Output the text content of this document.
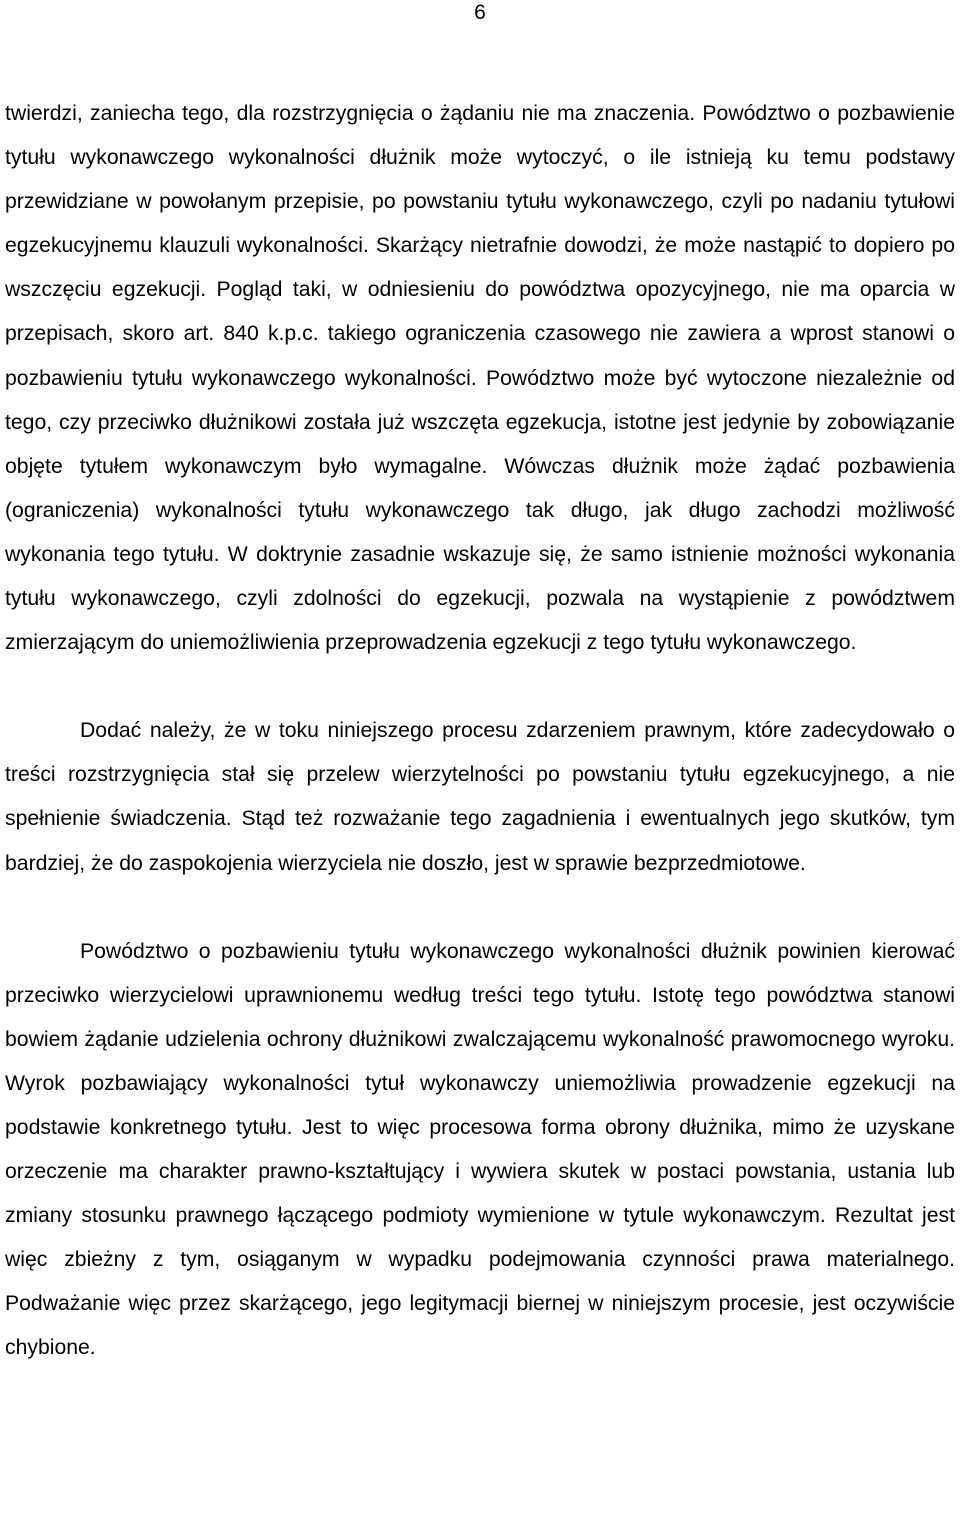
6

twierdzi, zaniecha tego, dla rozstrzygnięcia o żądaniu nie ma znaczenia. Powództwo o pozbawienie tytułu wykonawczego wykonalności dłużnik może wytoczyć, o ile istnieją ku temu podstawy przewidziane w powołanym przepisie, po powstaniu tytułu wykonawczego, czyli po nadaniu tytułowi egzekucyjnemu klauzuli wykonalności. Skarżący nietrafnie dowodzi, że może nastąpić to dopiero po wszczęciu egzekucji. Pogląd taki, w odniesieniu do powództwa opozycyjnego, nie ma oparcia w przepisach, skoro art. 840 k.p.c. takiego ograniczenia czasowego nie zawiera a wprost stanowi o pozbawieniu tytułu wykonawczego wykonalności. Powództwo może być wytoczone niezależnie od tego, czy przeciwko dłużnikowi została już wszczęta egzekucja, istotne jest jedynie by zobowiązanie objęte tytułem wykonawczym było wymagalne. Wówczas dłużnik może żądać pozbawienia (ograniczenia) wykonalności tytułu wykonawczego tak długo, jak długo zachodzi możliwość wykonania tego tytułu. W doktrynie zasadnie wskazuje się, że samo istnienie możności wykonania tytułu wykonawczego, czyli zdolności do egzekucji, pozwala na wystąpienie z powództwem zmierzającym do uniemożliwienia przeprowadzenia egzekucji z tego tytułu wykonawczego.

Dodać należy, że w toku niniejszego procesu zdarzeniem prawnym, które zadecydowało o treści rozstrzygnięcia stał się przelew wierzytelności po powstaniu tytułu egzekucyjnego, a nie spełnienie świadczenia. Stąd też rozważanie tego zagadnienia i ewentualnych jego skutków, tym bardziej, że do zaspokojenia wierzyciela nie doszło, jest w sprawie bezprzedmiotowe.

Powództwo o pozbawieniu tytułu wykonawczego wykonalności dłużnik powinien kierować przeciwko wierzycielowi uprawnionemu według treści tego tytułu. Istotę tego powództwa stanowi bowiem żądanie udzielenia ochrony dłużnikowi zwalczającemu wykonalność prawomocnego wyroku. Wyrok pozbawiający wykonalności tytuł wykonawczy uniemożliwia prowadzenie egzekucji na podstawie konkretnego tytułu. Jest to więc procesowa forma obrony dłużnika, mimo że uzyskane orzeczenie ma charakter prawno-kształtujący i wywiera skutek w postaci powstania, ustania lub zmiany stosunku prawnego łączącego podmioty wymienione w tytule wykonawczym. Rezultat jest więc zbieżny z tym, osiąganym w wypadku podejmowania czynności prawa materialnego. Podważanie więc przez skarżącego, jego legitymacji biernej w niniejszym procesie, jest oczywiście chybione.
